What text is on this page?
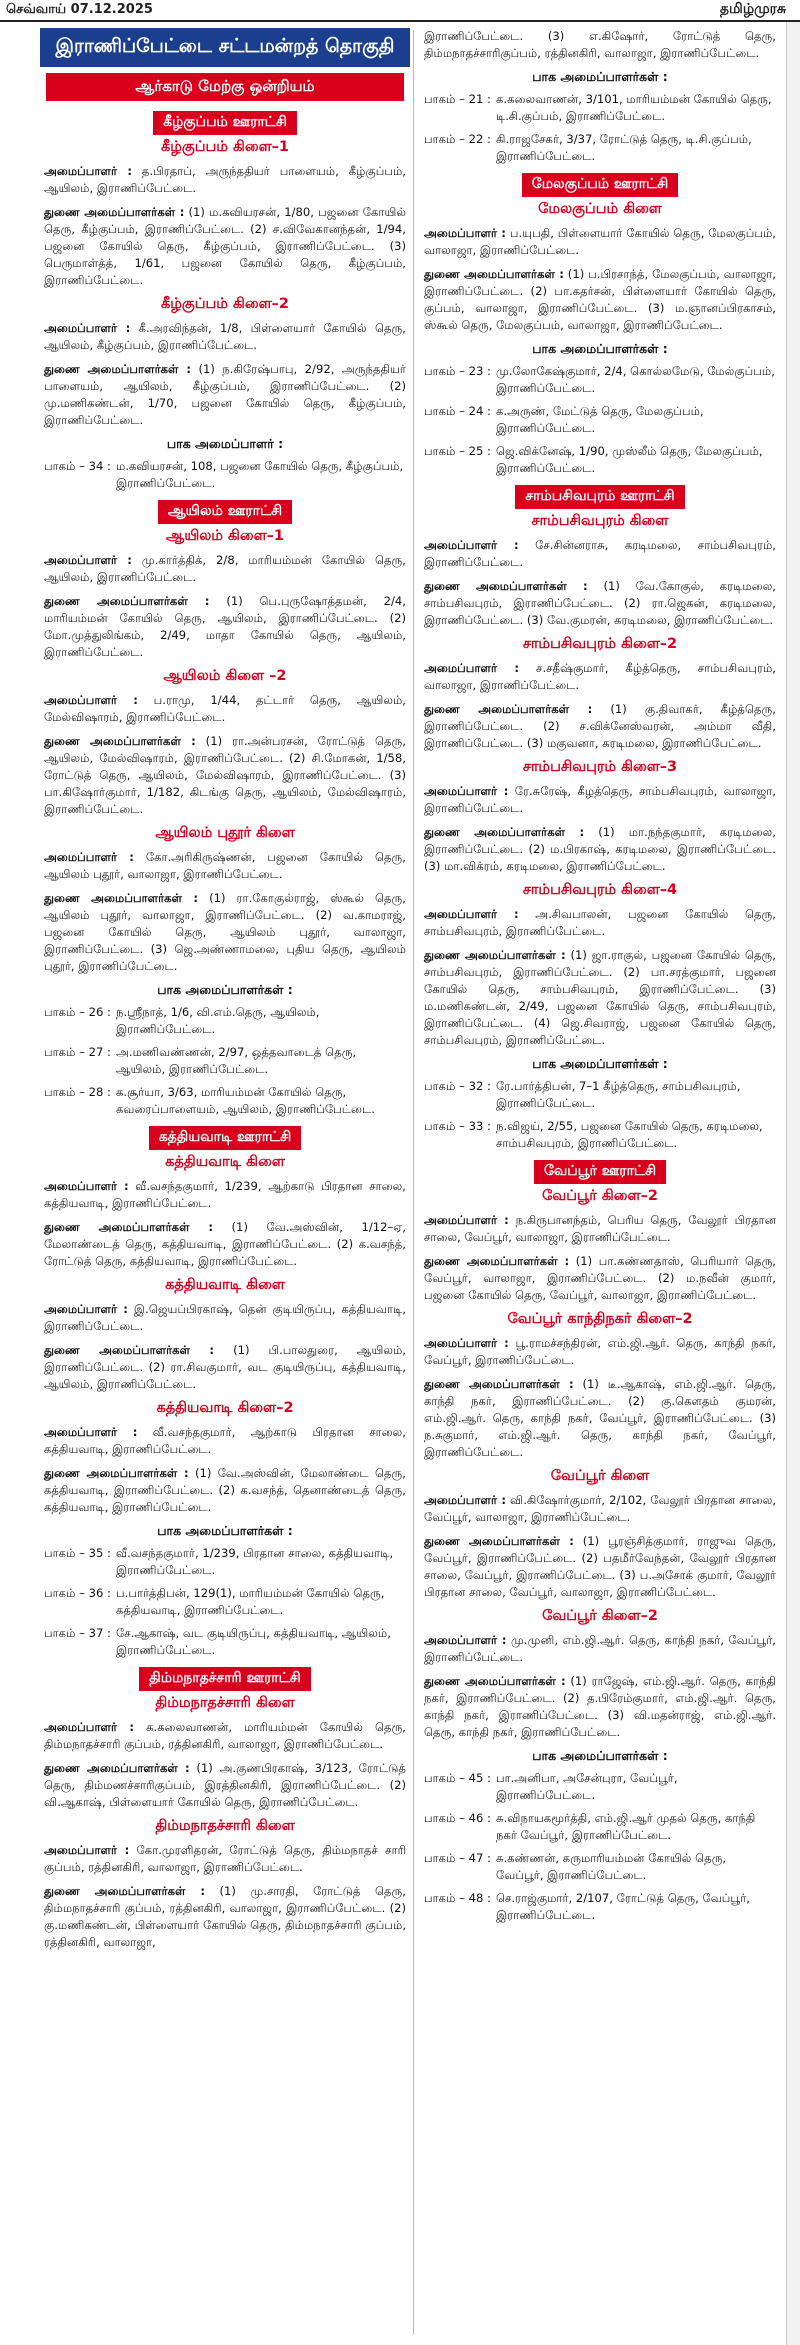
செவ்வாய் 07.12.2025	தமிழ்முரசு
இராணிப்பேட்டை சட்டமன்றத் தொகுதி
ஆர்காடு மேற்கு ஒன்றியம்
கீழ்குப்பம் ஊராட்சி
கீழ்குப்பம் கிளை–1

அமைப்பாளர் : த.பிரதாப், அருந்ததியர் பாளையம், கீழ்குப்பம், ஆயிலம், இராணிப்பேட்டை.

துணை அமைப்பாளர்கள் : (1) ம.கவியரசன், 1/80, பஜனை கோயில் தெரு, கீழ்குப்பம், இராணிப்பேட்டை. (2) ச.விவேகானந்தன், 1/94, பஜனை கோயில் தெரு, கீழ்குப்பம், இராணிப்பேட்டை. (3) பெருமாள்த்த், 1/61, பஜனை கோயில் தெரு, கீழ்குப்பம், இராணிப்பேட்டை.

கீழ்குப்பம் கிளை–2

அமைப்பாளர் : கீ.அரவிந்தன், 1/8, பிள்ளையார் கோயில் தெரு, ஆயிலம், கீழ்குப்பம், இராணிப்பேட்டை.

துணை அமைப்பாளர்கள் : (1) ந.கிரேஷ்பாபு, 2/92, அருந்ததியர் பாளையம், ஆயிலம், கீழ்குப்பம், இராணிப்பேட்டை. (2) மு.மணிகண்டன், 1/70, பஜனை கோயில் தெரு, கீழ்குப்பம், இராணிப்பேட்டை.

பாக அமைப்பாளர் :
பாகம் – 34 : ம.கவியரசன், 108, பஜனை கோயில் தெரு, கீழ்குப்பம், இராணிப்பேட்டை.
ஆயிலம் ஊராட்சி
ஆயிலம் கிளை–1

அமைப்பாளர் : மு.கார்த்திக், 2/8, மாரியம்மன் கோயில் தெரு, ஆயிலம், இராணிப்பேட்டை.

துணை அமைப்பாளர்கள் : (1) பெ.புருஷோத்தமன், 2/4, மாரியம்மன் கோயில் தெரு, ஆயிலம், இராணிப்பேட்டை. (2) மோ.முத்துலிங்கம், 2/49, மாதா கோயில் தெரு, ஆயிலம், இராணிப்பேட்டை.

ஆயிலம் கிளை –2

அமைப்பாளர் : ப.ராமு, 1/44, தட்டார் தெரு, ஆயிலம், மேல்விஷாரம், இராணிப்பேட்டை.

துணை அமைப்பாளர்கள் : (1) ரா.அன்பரசன், ரோட்டுத் தெரு, ஆயிலம், மேல்விஷாரம், இராணிப்பேட்டை. (2) சி.மோகன், 1/58, ரோட்டுத் தெரு, ஆயிலம், மேல்விஷாரம், இராணிப்பேட்டை. (3) பா.கிஷோர்குமார், 1/182, கிடங்கு தெரு, ஆயிலம், மேல்விஷாரம், இராணிப்பேட்டை.

ஆயிலம் புதூர் கிளை

அமைப்பாளர் : கோ.அரிகிருஷ்ணன், பஜனை கோயில் தெரு, ஆயிலம் புதூர், வாலாஜா, இராணிப்பேட்டை.

துணை அமைப்பாளர்கள் : (1) ரா.கோகுல்ராஜ், ஸ்கூல் தெரு, ஆயிலம் புதூர், வாலாஜா, இராணிப்பேட்டை. (2) வ.காமராஜ், பஜனை கோயில் தெரு, ஆயிலம் புதூர், வாலாஜா, இராணிப்பேட்டை. (3) ஜெ.அண்ணாமலை, புதிய தெரு, ஆயிலம் புதூர், இராணிப்பேட்டை.

பாக அமைப்பாளர்கள் :
பாகம் – 26 : ந.ஸ்ரீநாத், 1/6, வி.எம்.தெரு, ஆயிலம், இராணிப்பேட்டை.
பாகம் – 27 : அ.மணிவண்ணன், 2/97, ஒத்தவாடைத் தெரு, ஆயிலம், இராணிப்பேட்டை.
பாகம் – 28 : க.சூர்யா, 3/63, மாரியம்மன் கோயில் தெரு, கவரைப்பாளையம், ஆயிலம், இராணிப்பேட்டை.
கத்தியவாடி ஊராட்சி
கத்தியவாடி கிளை

அமைப்பாளர் : வீ.வசந்தகுமார், 1/239, ஆற்காடு பிரதான சாலை, கத்தியவாடி, இராணிப்பேட்டை.

துணை அமைப்பாளர்கள் : (1) வே.அஸ்வின், 1/12–ஏ, மேலாண்டைத் தெரு, கத்தியவாடி, இராணிப்பேட்டை. (2) க.வசந்த், ரோட்டுத் தெரு, கத்தியவாடி, இராணிப்பேட்டை.

கத்தியவாடி கிளை

அமைப்பாளர் : இ.ஜெயப்பிரகாஷ், தென் குடியிருப்பு, கத்தியவாடி, இராணிப்பேட்டை.

துணை அமைப்பாளர்கள் : (1) பி.பாலதுரை, ஆயிலம், இராணிப்பேட்டை. (2) ரா.சிவகுமார், வட குடியிருப்பு, கத்தியவாடி, ஆயிலம், இராணிப்பேட்டை.

கத்தியவாடி கிளை–2

அமைப்பாளர் : வீ.வசந்தகுமார், ஆற்காடு பிரதான சாலை, கத்தியவாடி, இராணிப்பேட்டை.

துணை அமைப்பாளர்கள் : (1) வே.அஸ்வின், மேலாண்டை தெரு, கத்தியவாடி, இராணிப்பேட்டை. (2) க.வசந்த், தெனாண்டைத் தெரு, கத்தியவாடி, இராணிப்பேட்டை.

பாக அமைப்பாளர்கள் :
பாகம் – 35 : வீ.வசந்தகுமார், 1/239, பிரதான சாலை, கத்தியவாடி, இராணிப்பேட்டை.
பாகம் – 36 : ப.பார்த்திபன், 129(1), மாரியம்மன் கோயில் தெரு, கத்தியவாடி, இராணிப்பேட்டை.
பாகம் – 37 : சே.ஆகாஷ், வட குடியிருப்பு, கத்தியவாடி, ஆயிலம், இராணிப்பேட்டை.
திம்மநாதச்சாரி ஊராட்சி
திம்மநாதச்சாரி கிளை

அமைப்பாளர் : க.கலைவாணன், மாரியம்மன் கோயில் தெரு, திம்மநாதச்சாரி குப்பம், ரத்தினகிரி, வாலாஜா, இராணிப்பேட்டை.

துணை அமைப்பாளர்கள் : (1) அ.குணபிரகாஷ், 3/123, ரோட்டுத் தெரு, திம்மணச்சாரிகுப்பம், இரத்தினகிரி, இராணிப்பேட்டை. (2) வி.ஆகாஷ், பிள்ளையார் கோயில் தெரு, இராணிப்பேட்டை.

திம்மநாதச்சாரி கிளை

அமைப்பாளர் : கோ.முரளிதரன், ரோட்டுத் தெரு, திம்மநாதச் சாரி குப்பம், ரத்தினகிரி, வாலாஜா, இராணிப்பேட்டை.

துணை அமைப்பாளர்கள் : (1) மு.சாரதி, ரோட்டுத் தெரு, திம்மநாதச்சாரி குப்பம், ரத்தினகிரி, வாலாஜா, இராணிப்பேட்டை. (2) கு.மணிகண்டன், பிள்ளையார் கோயில் தெரு, திம்மநாதச்சாரி குப்பம், ரத்தினகிரி, வாலாஜா,

இராணிப்பேட்டை. (3) எ.கிஷோர், ரோட்டுத் தெரு, திம்மநாதச்சாரிகுப்பம், ரத்தினகிரி, வாலாஜா, இராணிப்பேட்டை.

பாக அமைப்பாளர்கள் :
பாகம் – 21 : க.கலைவாணன், 3/101, மாரியம்மன் கோயில் தெரு, டி.சி.குப்பம், இராணிப்பேட்டை.
பாகம் – 22 : கி.ராஜசேகர், 3/37, ரோட்டுத் தெரு, டி.சி.குப்பம், இராணிப்பேட்டை.
மேலகுப்பம் ஊராட்சி
மேலகுப்பம் கிளை

அமைப்பாளர் : ப.யுபதி, பிள்ளையார் கோயில் தெரு, மேலகுப்பம், வாலாஜா, இராணிப்பேட்டை.

துணை அமைப்பாளர்கள் : (1) ப.பிரசாந்த், மேலகுப்பம், வாலாஜா, இராணிப்பேட்டை. (2) பா.கதர்சன், பிள்ளையார் கோயில் தெரு, குப்பம், வாலாஜா, இராணிப்பேட்டை. (3) ம.ஞானப்பிரகாசம், ஸ்கூல் தெரு, மேலகுப்பம், வாலாஜா, இராணிப்பேட்டை.

பாக அமைப்பாளர்கள் :
பாகம் – 23 : மு.லோகேஷ்குமார், 2/4, கொல்லமேடு, மேல்குப்பம், இராணிப்பேட்டை.
பாகம் – 24 : க.அருண், மேட்டுத் தெரு, மேலகுப்பம், இராணிப்பேட்டை.
பாகம் – 25 : ஜெ.விக்னேஷ், 1/90, முஸ்லீம் தெரு, மேலகுப்பம், இராணிப்பேட்டை.
சாம்பசிவபுரம் ஊராட்சி
சாம்பசிவபுரம் கிளை

அமைப்பாளர் : சே.சின்னராசு, கரடிமலை, சாம்பசிவபுரம், இராணிப்பேட்டை.

துணை அமைப்பாளர்கள் : (1) வே.கோகுல், கரடிமலை, சாம்பசிவபுரம், இராணிப்பேட்டை. (2) ரா.ஜெகன், கரடிமலை, இராணிப்பேட்டை. (3) வே.குமரன், கரடிமலை, இராணிப்பேட்டை.

சாம்பசிவபுரம் கிளை–2

அமைப்பாளர் : ச.சதீஷ்குமார், கீழ்த்தெரு, சாம்பசிவபுரம், வாலாஜா, இராணிப்பேட்டை.

துணை அமைப்பாளர்கள் : (1) கு.திவாகர், கீழ்த்தெரு, இராணிப்பேட்டை. (2) ச.விக்னேஸ்வரன், அம்மா வீதி, இராணிப்பேட்டை. (3) மகுவனா, கரடிமலை, இராணிப்பேட்டை.

சாம்பசிவபுரம் கிளை–3

அமைப்பாளர் : ரே.சுரேஷ், கீழத்தெரு, சாம்பசிவபுரம், வாலாஜா, இராணிப்பேட்டை.

துணை அமைப்பாளர்கள் : (1) மா.நந்தகுமார், கரடிமலை, இராணிப்பேட்டை. (2) ம.பிரகாஷ், கரடிமலை, இராணிப்பேட்டை. (3) மா.விக்ரம், கரடிமலை, இராணிப்பேட்டை.

சாம்பசிவபுரம் கிளை–4

அமைப்பாளர் : அ.சிவபாலன், பஜனை கோயில் தெரு, சாம்பசிவபுரம், இராணிப்பேட்டை.

துணை அமைப்பாளர்கள் : (1) ஜா.ராகுல், பஜனை கோயில் தெரு, சாம்பசிவபுரம், இராணிப்பேட்டை. (2) பா.சரத்குமார், பஜனை கோயில் தெரு, சாம்பசிவபுரம், இராணிப்பேட்டை. (3) ம.மணிகண்டன், 2/49, பஜனை கோயில் தெரு, சாம்பசிவபுரம், இராணிப்பேட்டை. (4) ஜெ.சிவராஜ், பஜனை கோயில் தெரு, சாம்பசிவபுரம், இராணிப்பேட்டை.

பாக அமைப்பாளர்கள் :
பாகம் – 32 : ரே.பார்த்திபன், 7–1 கீழ்த்தெரு, சாம்பசிவபுரம், இராணிப்பேட்டை.
பாகம் – 33 : ந.விஜய், 2/55, பஜனை கோயில் தெரு, கரடிமலை, சாம்பசிவபுரம், இராணிப்பேட்டை.
வேப்பூர் ஊராட்சி
வேப்பூர் கிளை–2

அமைப்பாளர் : ந.கிருபானந்தம், பெரிய தெரு, வேலூர் பிரதான சாலை, வேப்பூர், வாலாஜா, இராணிப்பேட்டை.

துணை அமைப்பாளர்கள் : (1) பா.கண்ணதாஸ், பெரியார் தெரு, வேப்பூர், வாலாஜா, இராணிப்பேட்டை. (2) ம.நவீன் குமார், பஜனை கோயில் தெரு, வேப்பூர், வாலாஜா, இராணிப்பேட்டை.

வேப்பூர் காந்திநகர் கிளை–2

அமைப்பாளர் : பூ.ராமச்சந்திரன், எம்.ஜி.ஆர். தெரு, காந்தி நகர், வேப்பூர், இராணிப்பேட்டை.

துணை அமைப்பாளர்கள் : (1) டீ.ஆகாஷ், எம்.ஜி.ஆர். தெரு, காந்தி நகர், இராணிப்பேட்டை. (2) கு.கௌதம் குமரன், எம்.ஜி.ஆர். தெரு, காந்தி நகர், வேப்பூர், இராணிப்பேட்டை. (3) ந.சுகுமார், எம்.ஜி.ஆர். தெரு, காந்தி நகர், வேப்பூர், இராணிப்பேட்டை.

வேப்பூர் கிளை

அமைப்பாளர் : வி.கிஷோர்குமார், 2/102, வேலூர் பிரதான சாலை, வேப்பூர், வாலாஜா, இராணிப்பேட்டை.

துணை அமைப்பாளர்கள் : (1) பூரஞ்சித்குமார், ராஜுவ தெரு, வேப்பூர், இராணிப்பேட்டை. (2) பதமீர்வேந்தன், வேலூர் பிரதான சாலை, வேப்பூர், இராணிப்பேட்டை. (3) ப.அசோக் குமார், வேலூர் பிரதான சாலை, வேப்பூர், வாலாஜா, இராணிப்பேட்டை.

வேப்பூர் கிளை–2

அமைப்பாளர் : மு.முனி, எம்.ஜி.ஆர். தெரு, காந்தி நகர், வேப்பூர், இராணிப்பேட்டை.

துணை அமைப்பாளர்கள் : (1) ராஜேஷ், எம்.ஜி.ஆர். தெரு, காந்தி நகர், இராணிப்பேட்டை. (2) த.பிரேம்குமார், எம்.ஜி.ஆர். தெரு, காந்தி நகர், இராணிப்பேட்டை. (3) வி.மதன்ராஜ், எம்.ஜி.ஆர். தெரு, காந்தி நகர், இராணிப்பேட்டை.

பாக அமைப்பாளர்கள் :
பாகம் – 45 : பா.அனிபா, அசேன்புரா, வேப்பூர், இராணிப்பேட்டை.
பாகம் – 46 : சு.விநாயகமூர்த்தி, எம்.ஜி.ஆர் முதல் தெரு, காந்தி நகர் வேப்பூர், இராணிப்பேட்டை.
பாகம் – 47 : சு.கண்ணன், கருமாரியம்மன் கோயில் தெரு, வேப்பூர், இராணிப்பேட்டை.
பாகம் – 48 : செ.ராஜ்குமார், 2/107, ரோட்டுத் தெரு, வேப்பூர், இராணிப்பேட்டை.
